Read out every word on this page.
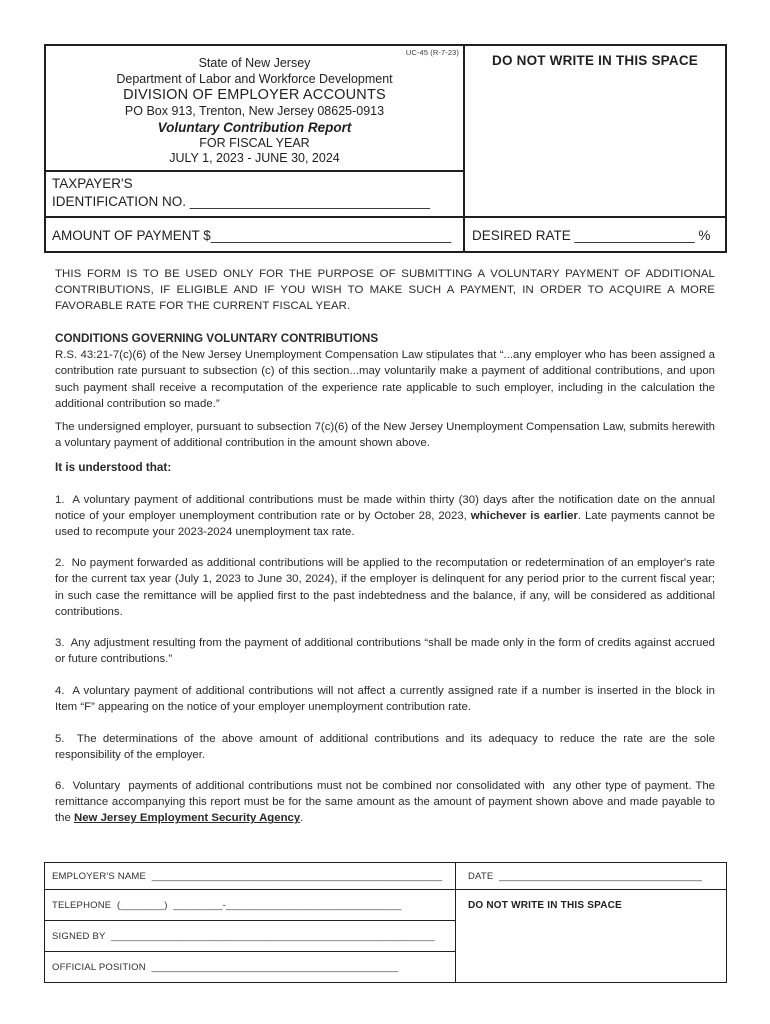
UC-45 (R-7-23)
State of New Jersey
Department of Labor and Workforce Development
DIVISION OF EMPLOYER ACCOUNTS
PO Box 913, Trenton, New Jersey 08625-0913
Voluntary Contribution Report
FOR FISCAL YEAR
JULY 1, 2023 - JUNE 30, 2024
DO NOT WRITE IN THIS SPACE
TAXPAYER'S
IDENTIFICATION NO. ________________________________
AMOUNT OF PAYMENT $________________________________	DESIRED RATE ________________ %

THIS FORM IS TO BE USED ONLY FOR THE PURPOSE OF SUBMITTING A VOLUNTARY PAYMENT OF ADDITIONAL CONTRIBUTIONS, IF ELIGIBLE AND IF YOU WISH TO MAKE SUCH A PAYMENT, IN ORDER TO ACQUIRE A MORE FAVORABLE RATE FOR THE CURRENT FISCAL YEAR.

CONDITIONS GOVERNING VOLUNTARY CONTRIBUTIONS

R.S. 43:21-7(c)(6) of the New Jersey Unemployment Compensation Law stipulates that “...any employer who has been assigned a contribution rate pursuant to subsection (c) of this section...may voluntarily make a payment of additional contributions, and upon such payment shall receive a recomputation of the experience rate applicable to such employer, including in the calculation the additional contribution so made.”

The undersigned employer, pursuant to subsection 7(c)(6) of the New Jersey Unemployment Compensation Law, submits herewith a voluntary payment of additional contribution in the amount shown above.

It is understood that:

1.  A voluntary payment of additional contributions must be made within thirty (30) days after the notification date on the annual notice of your employer unemployment contribution rate or by October 28, 2023, whichever is earlier. Late payments cannot be used to recompute your 2023-2024 unemployment tax rate.

2.  No payment forwarded as additional contributions will be applied to the recomputation or redetermination of an employer's rate for the current tax year (July 1, 2023 to June 30, 2024), if the employer is delinquent for any period prior to the current fiscal year; in such case the remittance will be applied first to the past indebtedness and the balance, if any, will be considered as additional contributions.

3.  Any adjustment resulting from the payment of additional contributions “shall be made only in the form of credits against accrued or future contributions.”

4.  A voluntary payment of additional contributions will not affect a currently assigned rate if a number is inserted in the block in Item “F” appearing on the notice of your employer unemployment contribution rate.

5.  The determinations of the above amount of additional contributions and its adequacy to reduce the rate are the sole responsibility of the employer.

6.  Voluntary  payments of additional contributions must not be combined nor consolidated with  any other type of payment. The remittance accompanying this report must be for the same amount as the amount of payment shown above and made payable to the New Jersey Employment Security Agency.

EMPLOYER'S NAME  _____________________________________________________	DATE  _____________________________________
TELEPHONE  (________)  _________-________________________________
SIGNED BY  ___________________________________________________________
OFFICIAL POSITION  _____________________________________________
DO NOT WRITE IN THIS SPACE
